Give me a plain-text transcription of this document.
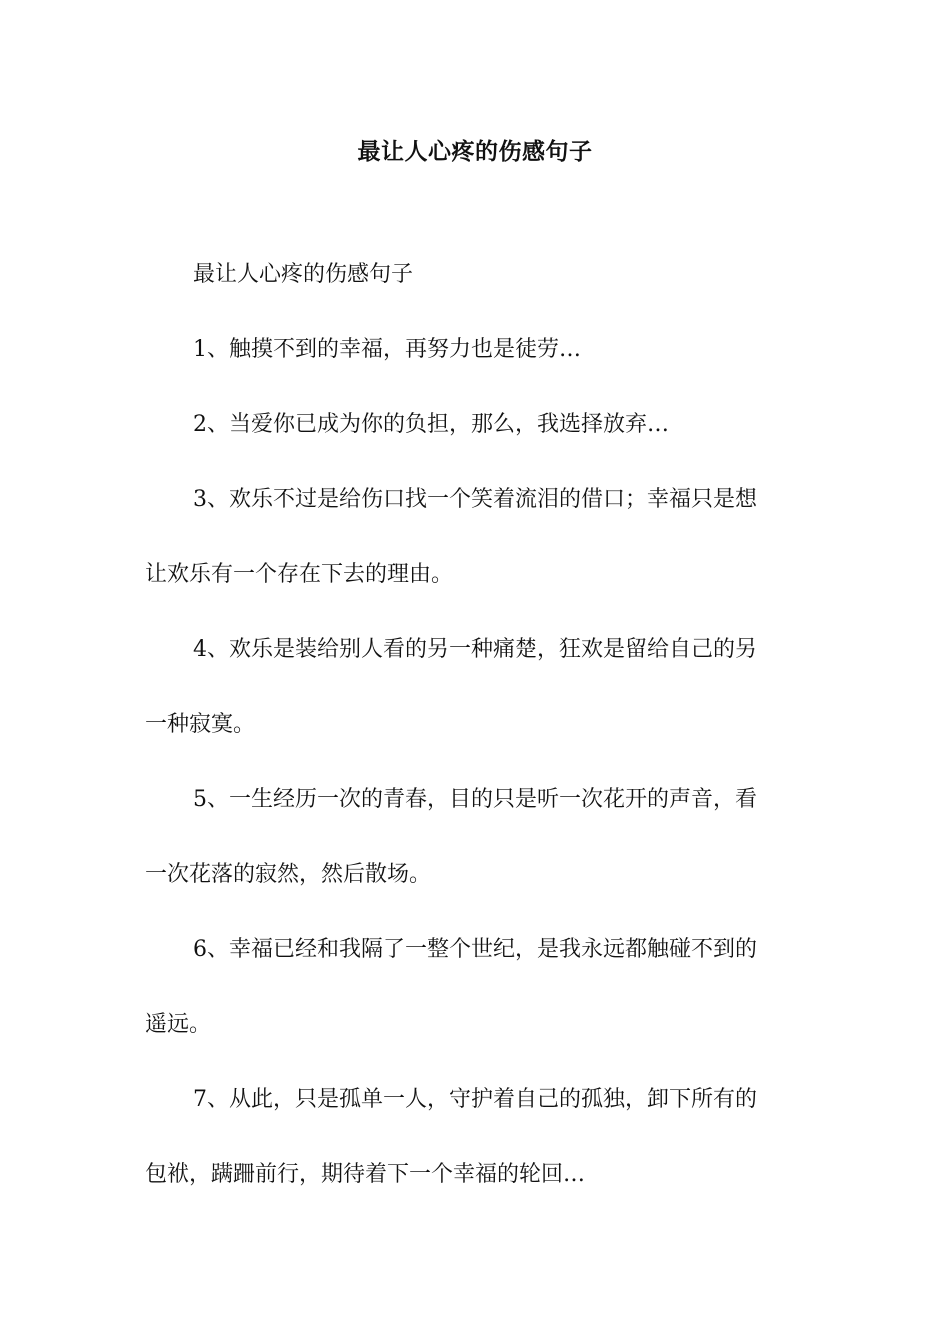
最让人心疼的伤感句子
最让人心疼的伤感句子
1、触摸不到的幸福，再努力也是徒劳…
2、当爱你已成为你的负担，那么，我选择放弃…
3、欢乐不过是给伤口找一个笑着流泪的借口；幸福只是想
让欢乐有一个存在下去的理由。
4、欢乐是装给别人看的另一种痛楚，狂欢是留给自己的另
一种寂寞。
5、一生经历一次的青春，目的只是听一次花开的声音，看
一次花落的寂然，然后散场。
6、幸福已经和我隔了一整个世纪，是我永远都触碰不到的
遥远。
7、从此，只是孤单一人，守护着自己的孤独，卸下所有的
包袱，蹒跚前行，期待着下一个幸福的轮回…
